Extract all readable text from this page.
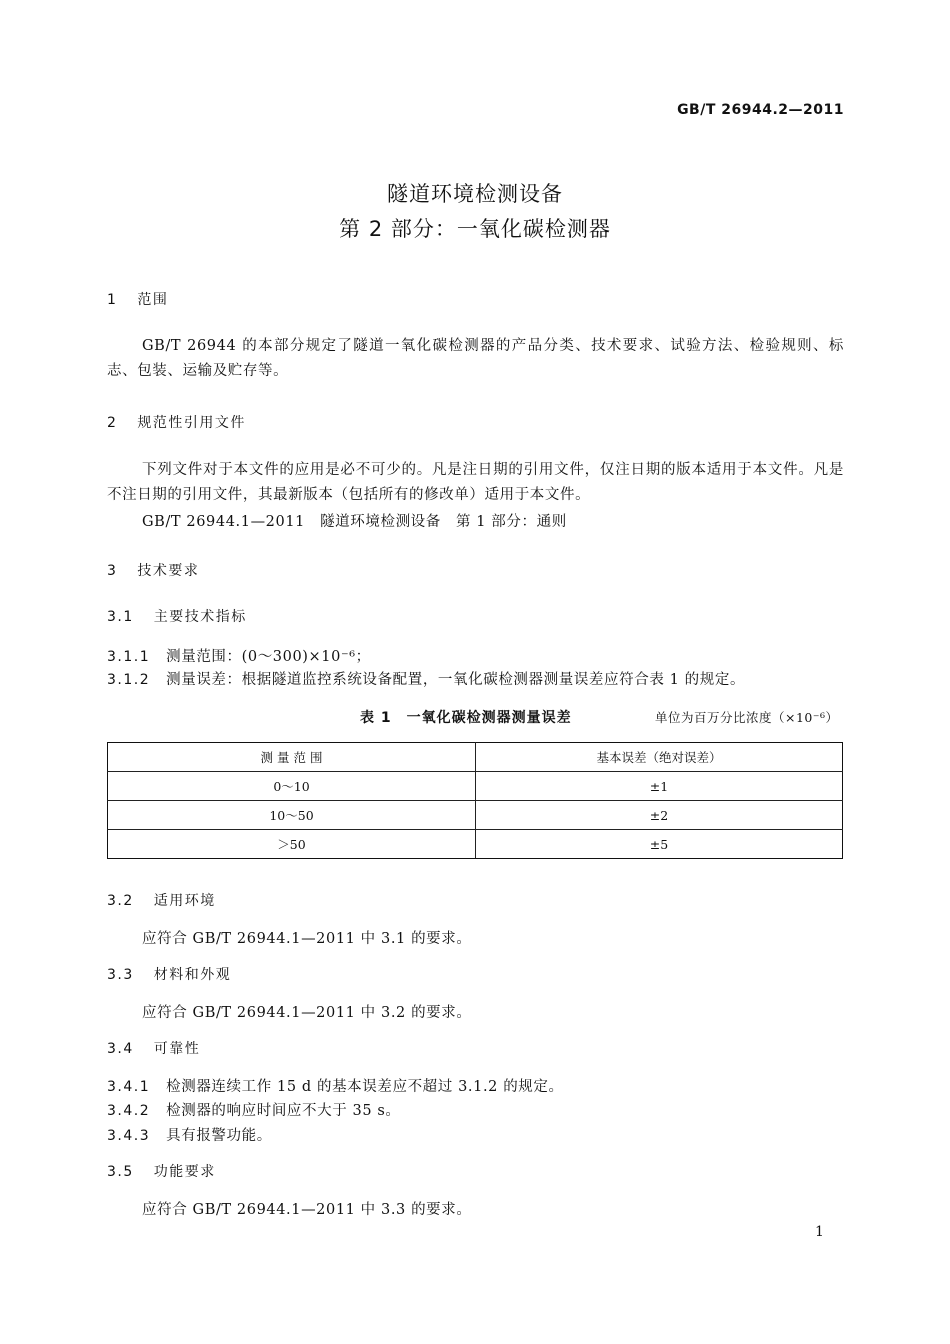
GB/T 26944.2—2011
隧道环境检测设备
第 2 部分：一氧化碳检测器
1 范围
GB/T 26944 的本部分规定了隧道一氧化碳检测器的产品分类、技术要求、试验方法、检验规则、标志、包装、运输及贮存等。
2 规范性引用文件
下列文件对于本文件的应用是必不可少的。凡是注日期的引用文件，仅注日期的版本适用于本文件。凡是不注日期的引用文件，其最新版本（包括所有的修改单）适用于本文件。
GB/T 26944.1—2011　隧道环境检测设备　第 1 部分：通则
3 技术要求
3.1 主要技术指标
3.1.1 测量范围：(0～300)×10⁻⁶；
3.1.2 测量误差：根据隧道监控系统设备配置，一氧化碳检测器测量误差应符合表 1 的规定。
表 1　一氧化碳检测器测量误差	单位为百万分比浓度（×10⁻⁶）
测 量 范 围	基本误差（绝对误差）
0～10	±1
10～50	±2
＞50	±5
3.2 适用环境
应符合 GB/T 26944.1—2011 中 3.1 的要求。
3.3 材料和外观
应符合 GB/T 26944.1—2011 中 3.2 的要求。
3.4 可靠性
3.4.1 检测器连续工作 15 d 的基本误差应不超过 3.1.2 的规定。
3.4.2 检测器的响应时间应不大于 35 s。
3.4.3 具有报警功能。
3.5 功能要求
应符合 GB/T 26944.1—2011 中 3.3 的要求。
1
